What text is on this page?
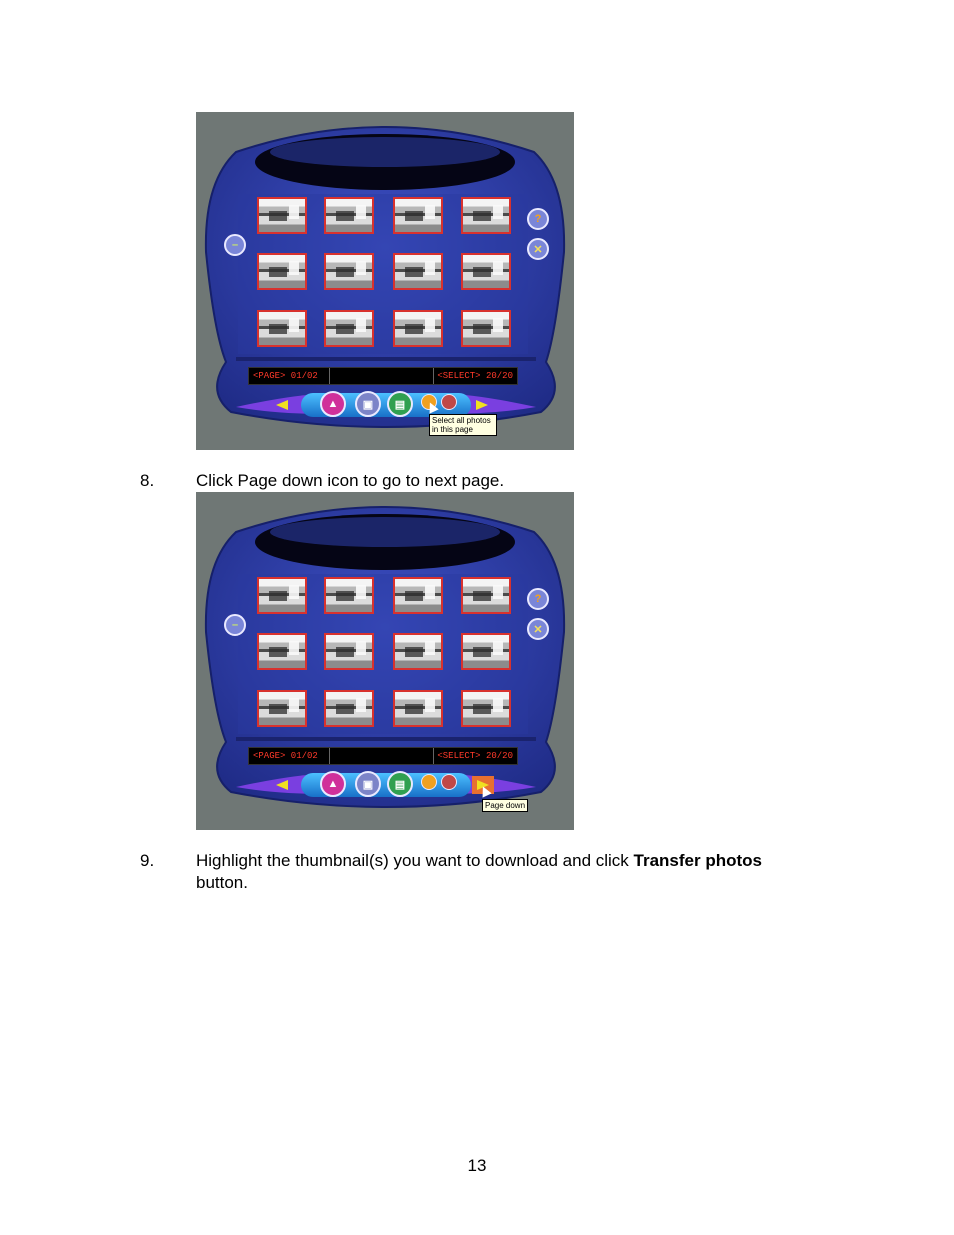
?
✕
–
<PAGE> 01/02	<SELECT> 20/20
▲	▣	▤
Select all photos in this page
8. Click Page down icon to go to next page.
?
✕
–
<PAGE> 01/02	<SELECT> 20/20
▲	▣	▤
Page down
9. Highlight the thumbnail(s) you want to download and click Transfer photos button.
13
